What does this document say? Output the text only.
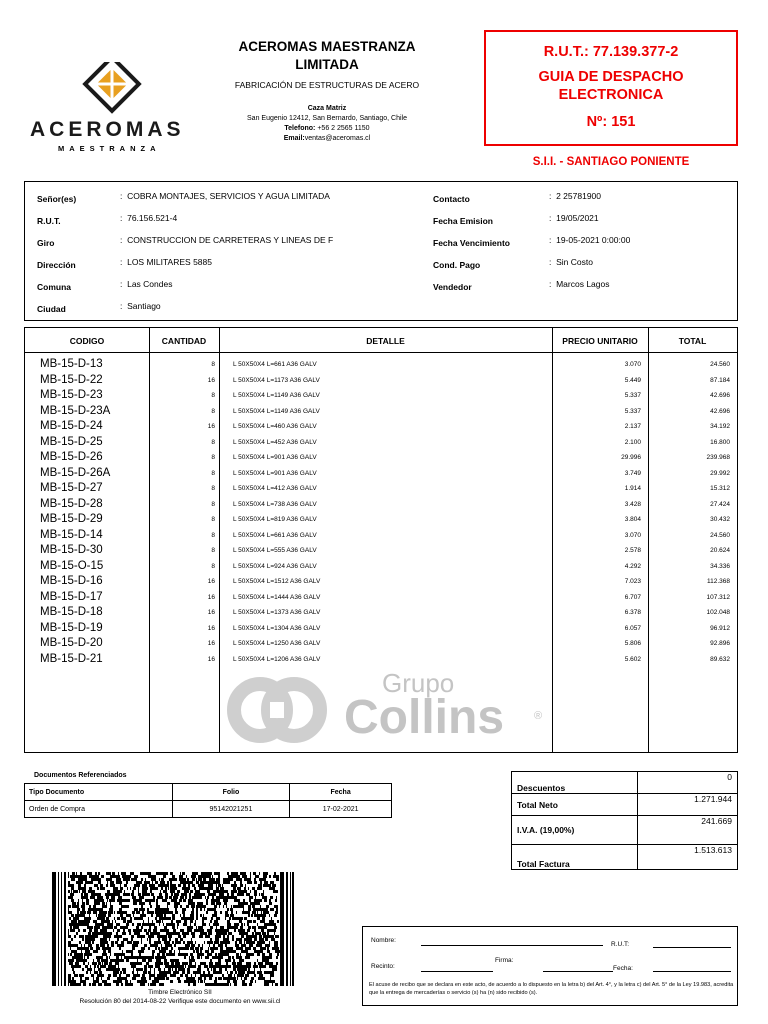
ACEROMAS
MAESTRANZA
ACEROMAS MAESTRANZA
LIMITADA
FABRICACIÓN DE ESTRUCTURAS DE ACERO
Caza Matriz
San Eugenio 12412, San Bernardo, Santiago, Chile
Telefono: +56 2 2565 1150
Email:ventas@aceromas.cl
R.U.T.: 77.139.377-2
GUIA DE DESPACHO
ELECTRONICA
Nº: 151
S.I.I. - SANTIAGO PONIENTE
Señor(es)	:  COBRA MONTAJES, SERVICIOS Y AGUA LIMITADA
R.U.T.	:  76.156.521-4
Giro	:  CONSTRUCCION DE CARRETERAS Y LINEAS DE F
Dirección	:  LOS MILITARES 5885
Comuna	:  Las Condes
Ciudad	:  Santiago
Contacto	:  2 25781900
Fecha Emision	:  19/05/2021
Fecha Vencimiento	:  19-05-2021 0:00:00
Cond. Pago	:  Sin Costo
Vendedor	:  Marcos Lagos
CODIGO	CANTIDAD	DETALLE	PRECIO UNITARIO	TOTAL
MB-15-D-13	8	L 50X50X4 L=661 A36 GALV	3.070	24.560
MB-15-D-22	16	L 50X50X4 L=1173 A36 GALV	5.449	87.184
MB-15-D-23	8	L 50X50X4 L=1149 A36 GALV	5.337	42.696
MB-15-D-23A	8	L 50X50X4 L=1149 A36 GALV	5.337	42.696
MB-15-D-24	16	L 50X50X4 L=460 A36 GALV	2.137	34.192
MB-15-D-25	8	L 50X50X4 L=452 A36 GALV	2.100	16.800
MB-15-D-26	8	L 50X50X4 L=901 A36 GALV	29.996	239.968
MB-15-D-26A	8	L 50X50X4 L=901 A36 GALV	3.749	29.992
MB-15-D-27	8	L 50X50X4 L=412 A36 GALV	1.914	15.312
MB-15-D-28	8	L 50X50X4 L=738 A36 GALV	3.428	27.424
MB-15-D-29	8	L 50X50X4 L=819 A36 GALV	3.804	30.432
MB-15-D-14	8	L 50X50X4 L=661 A36 GALV	3.070	24.560
MB-15-D-30	8	L 50X50X4 L=555 A36 GALV	2.578	20.624
MB-15-O-15	8	L 50X50X4 L=924 A36 GALV	4.292	34.336
MB-15-D-16	16	L 50X50X4 L=1512 A36 GALV	7.023	112.368
MB-15-D-17	16	L 50X50X4 L=1444 A36 GALV	6.707	107.312
MB-15-D-18	16	L 50X50X4 L=1373 A36 GALV	6.378	102.048
MB-15-D-19	16	L 50X50X4 L=1304 A36 GALV	6.057	96.912
MB-15-D-20	16	L 50X50X4 L=1250 A36 GALV	5.806	92.896
MB-15-D-21	16	L 50X50X4 L=1206 A36 GALV	5.602	89.632
Grupo
Collins	®
Documentos Referenciados
Tipo Documento	Folio	Fecha
Orden de Compra	95142021251	17-02-2021
Descuentos	0
Total Neto	1.271.944
I.V.A. (19,00%)	241.669
Total Factura	1.513.613
Timbre Electrónico SII
Resolución 80 del 2014-08-22 Verifique este documento en www.sii.cl
Nombre:
R.U.T:
Firma:
Recinto:	Fecha:
El acuse de recibo que se declara en este acto, de acuerdo a lo dispuesto en la letra b) del Art. 4°, y la letra c) del Art. 5° de la Ley 19.983, acredita que la entrega de mercaderías o servicio (s) ha (n) sido recibido (s).
